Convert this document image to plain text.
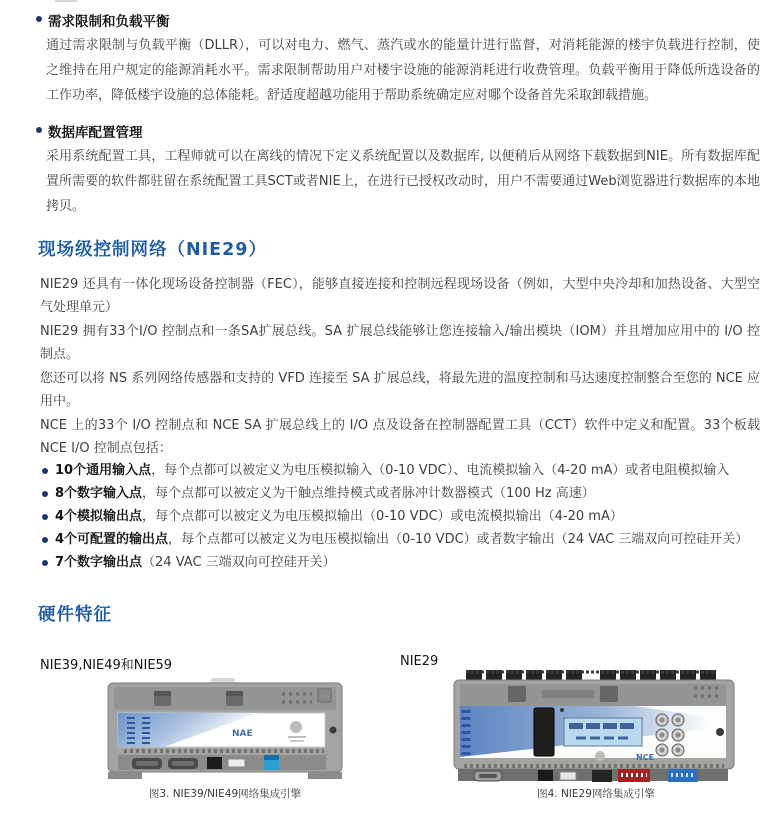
需求限制和负载平衡

通过需求限制与负载平衡（DLLR），可以对电力、燃气、蒸汽或水的能量计进行监督，对消耗能源的楼宇负载进行控制，使之维持在用户规定的能源消耗水平。需求限制帮助用户对楼宇设施的能源消耗进行收费管理。负载平衡用于降低所选设备的工作功率，降低楼宇设施的总体能耗。舒适度超越功能用于帮助系统确定应对哪个设备首先采取卸载措施。

数据库配置管理

采用系统配置工具，工程师就可以在离线的情况下定义系统配置以及数据库, 以便稍后从网络下载数据到NIE。所有数据库配置所需要的软件都驻留在系统配置工具SCT或者NIE上，在进行已授权改动时，用户不需要通过Web浏览器进行数据库的本地拷贝。

现场级控制网络（NIE29）

NIE29 还具有一体化现场设备控制器（FEC），能够直接连接和控制远程现场设备（例如，大型中央冷却和加热设备、大型空气处理单元）

NIE29 拥有33个I/O 控制点和一条SA扩展总线。SA 扩展总线能够让您连接输入/输出模块（IOM）并且增加应用中的 I/O 控制点。

您还可以将 NS 系列网络传感器和支持的 VFD 连接至 SA 扩展总线，将最先进的温度控制和马达速度控制整合至您的 NCE 应用中。

NCE 上的33个 I/O 控制点和 NCE SA 扩展总线上的 I/O 点及设备在控制器配置工具（CCT）软件中定义和配置。33个板载 NCE I/O 控制点包括：

10个通用输入点，每个点都可以被定义为电压模拟输入（0-10 VDC）、电流模拟输入（4-20 mA）或者电阻模拟输入
8个数字输入点，每个点都可以被定义为干触点维持模式或者脉冲计数器模式（100 Hz 高速）
4个模拟输出点，每个点都可以被定义为电压模拟输出（0-10 VDC）或电流模拟输出（4-20 mA）
4个可配置的输出点，每个点都可以被定义为电压模拟输出（0-10 VDC）或者数字输出（24 VAC 三端双向可控硅开关）
7个数字输出点（24 VAC 三端双向可控硅开关）
硬件特征
NIE39,NIE49和NIE59	NIE29
NAE
NCE
图3. NIE39/NIE49网络集成引擎	图4. NIE29网络集成引擎
